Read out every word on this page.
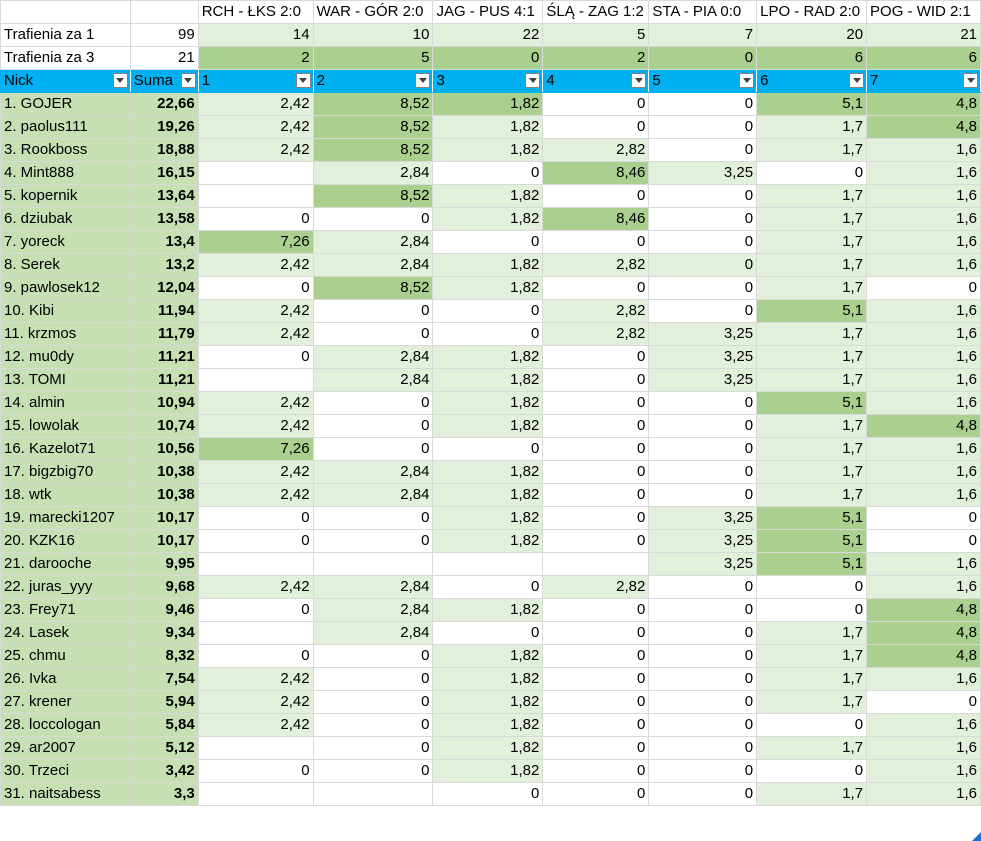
		RCH - ŁKS 2:0	WAR - GÓR 2:0	JAG - PUS 4:1	ŚLĄ - ZAG 1:2	STA - PIA 0:0	LPO - RAD 2:0	POG - WID 2:1
Trafienia za 1	99	14	10	22	5	7	20	21
Trafienia za 3	21	2	5	0	2	0	6	6
Nick	Suma	1	2	3	4	5	6	7

1. GOJER	22,66	2,42	8,52	1,82	0	0	5,1	4,8
2. paolus111	19,26	2,42	8,52	1,82	0	0	1,7	4,8
3. Rookboss	18,88	2,42	8,52	1,82	2,82	0	1,7	1,6
4. Mint888	16,15		2,84	0	8,46	3,25	0	1,6
5. kopernik	13,64		8,52	1,82	0	0	1,7	1,6
6. dziubak	13,58	0	0	1,82	8,46	0	1,7	1,6
7. yoreck	13,4	7,26	2,84	0	0	0	1,7	1,6
8. Serek	13,2	2,42	2,84	1,82	2,82	0	1,7	1,6
9. pawlosek12	12,04	0	8,52	1,82	0	0	1,7	0
10. Kibi	11,94	2,42	0	0	2,82	0	5,1	1,6
11. krzmos	11,79	2,42	0	0	2,82	3,25	1,7	1,6
12. mu0dy	11,21	0	2,84	1,82	0	3,25	1,7	1,6
13. TOMI	11,21		2,84	1,82	0	3,25	1,7	1,6
14. almin	10,94	2,42	0	1,82	0	0	5,1	1,6
15. lowolak	10,74	2,42	0	1,82	0	0	1,7	4,8
16. Kazelot71	10,56	7,26	0	0	0	0	1,7	1,6
17. bigzbig70	10,38	2,42	2,84	1,82	0	0	1,7	1,6
18. wtk	10,38	2,42	2,84	1,82	0	0	1,7	1,6
19. marecki1207	10,17	0	0	1,82	0	3,25	5,1	0
20. KZK16	10,17	0	0	1,82	0	3,25	5,1	0
21. darooche	9,95					3,25	5,1	1,6
22. juras_yyy	9,68	2,42	2,84	0	2,82	0	0	1,6
23. Frey71	9,46	0	2,84	1,82	0	0	0	4,8
24. Lasek	9,34		2,84	0	0	0	1,7	4,8
25. chmu	8,32	0	0	1,82	0	0	1,7	4,8
26. Ivka	7,54	2,42	0	1,82	0	0	1,7	1,6
27. krener	5,94	2,42	0	1,82	0	0	1,7	0
28. loccologan	5,84	2,42	0	1,82	0	0	0	1,6
29. ar2007	5,12		0	1,82	0	0	1,7	1,6
30. Trzeci	3,42	0	0	1,82	0	0	0	1,6
31. naitsabess	3,3			0	0	0	1,7	1,6
